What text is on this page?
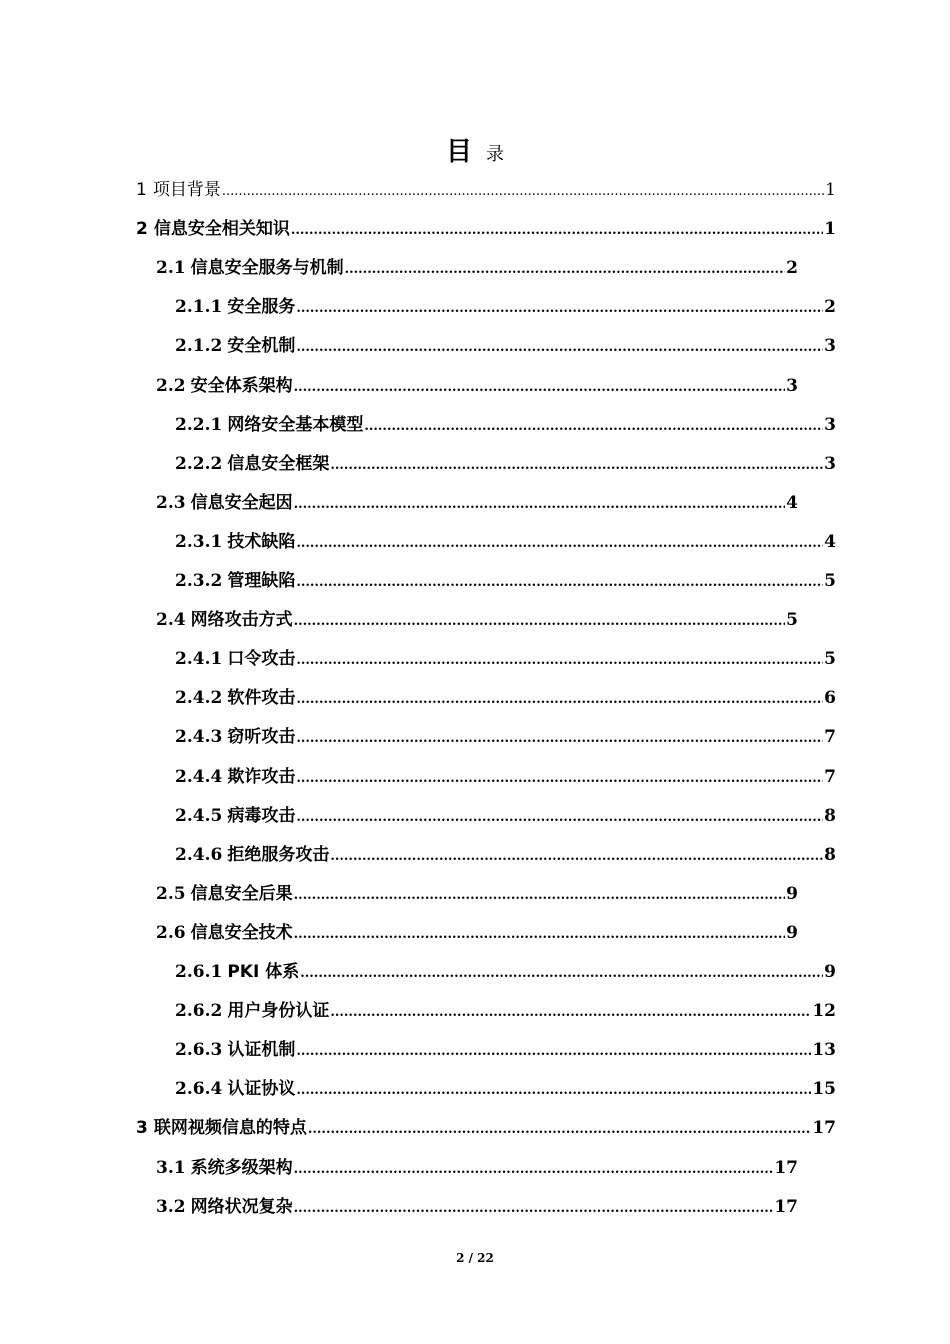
目 录
1 项目背景 .....	1
2 信息安全相关知识 .....	1
2.1 信息安全服务与机制 .....	2
2.1.1 安全服务 .....	2
2.1.2 安全机制 .....	3
2.2 安全体系架构 .....	3
2.2.1 网络安全基本模型 .....	3
2.2.2 信息安全框架 .....	3
2.3 信息安全起因 .....	4
2.3.1 技术缺陷 .....	4
2.3.2 管理缺陷 .....	5
2.4 网络攻击方式 .....	5
2.4.1 口令攻击 .....	5
2.4.2 软件攻击 .....	6
2.4.3 窃听攻击 .....	7
2.4.4 欺诈攻击 .....	7
2.4.5 病毒攻击 .....	8
2.4.6 拒绝服务攻击 .....	8
2.5 信息安全后果 .....	9
2.6 信息安全技术 .....	9
2.6.1 PKI 体系 .....	9
2.6.2 用户身份认证 .....	12
2.6.3 认证机制 .....	13
2.6.4 认证协议 .....	15
3 联网视频信息的特点 .....	17
3.1 系统多级架构 .....	17
3.2 网络状况复杂 .....	17
2 / 22
